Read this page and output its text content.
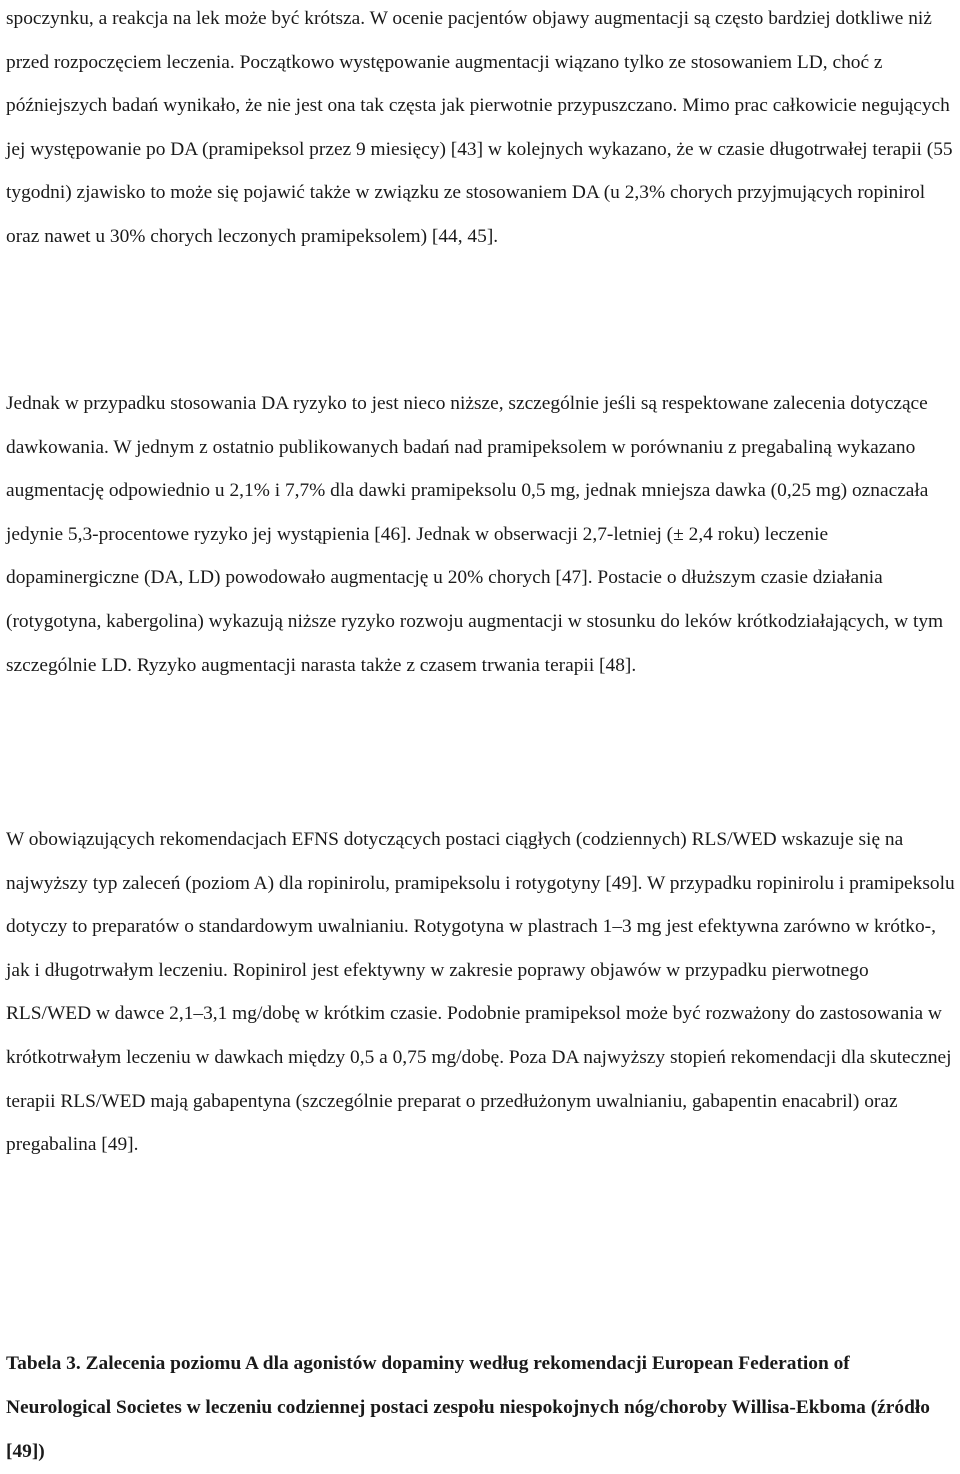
spoczynku, a reakcja na lek może być krótsza. W ocenie pacjentów objawy augmentacji są często bardziej dotkliwe niż przed rozpoczęciem leczenia. Początkowo występowanie augmentacji wiązano tylko ze stosowaniem LD, choć z późniejszych badań wynikało, że nie jest ona tak częsta jak pierwotnie przypuszczano. Mimo prac całkowicie negujących jej występowanie po DA (pramipeksol przez 9 miesięcy) [43] w kolejnych wykazano, że w czasie długotrwałej terapii (55 tygodni) zjawisko to może się pojawić także w związku ze stosowaniem DA (u 2,3% chorych przyjmujących ropinirol oraz nawet u 30% chorych leczonych pramipeksolem) [44, 45].

Jednak w przypadku stosowania DA ryzyko to jest nieco niższe, szczególnie jeśli są respektowane zalecenia dotyczące dawkowania. W jednym z ostatnio publikowanych badań nad pramipeksolem w porównaniu z pregabaliną wykazano augmentację odpowiednio u 2,1% i 7,7% dla dawki pramipeksolu 0,5 mg, jednak mniejsza dawka (0,25 mg) oznaczała jedynie 5,3-procentowe ryzyko jej wystąpienia [46]. Jednak w obserwacji 2,7-letniej (± 2,4 roku) leczenie dopaminergiczne (DA, LD) powodowało augmentację u 20% chorych [47]. Postacie o dłuższym czasie działania (rotygotyna, kabergolina) wykazują niższe ryzyko rozwoju augmentacji w stosunku do leków krótkodziałających, w tym szczególnie LD. Ryzyko augmentacji narasta także z czasem trwania terapii [48].

W obowiązujących rekomendacjach EFNS dotyczących postaci ciągłych (codziennych) RLS/WED wskazuje się na najwyższy typ zaleceń (poziom A) dla ropinirolu, pramipeksolu i rotygotyny [49]. W przypadku ropinirolu i pramipeksolu dotyczy to preparatów o standardowym uwalnianiu. Rotygotyna w plastrach 1–3 mg jest efektywna zarówno w krótko-, jak i długotrwałym leczeniu. Ropinirol jest efektywny w zakresie poprawy objawów w przypadku pierwotnego RLS/WED w dawce 2,1–3,1 mg/dobę w krótkim czasie. Podobnie pramipeksol może być rozważony do zastosowania w krótkotrwałym leczeniu w dawkach między 0,5 a 0,75 mg/dobę. Poza DA najwyższy stopień rekomendacji dla skutecznej terapii RLS/WED mają gabapentyna (szczególnie preparat o przedłużonym uwalnianiu, gabapentin enacabril) oraz pregabalina [49].

Tabela 3. Zalecenia poziomu A dla agonistów dopaminy według rekomendacji European Federation of Neurological Societes w leczeniu codziennej postaci zespołu niespokojnych nóg/choroby Willisa-Ekboma (źródło [49])
